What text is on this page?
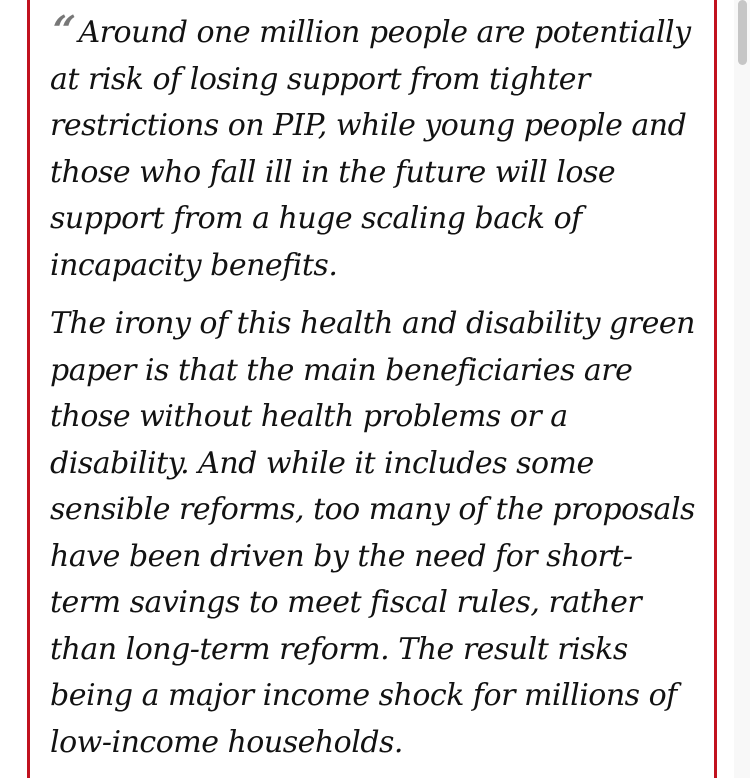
“Around one million people are potentially at risk of losing support from tighter restrictions on PIP, while young people and those who fall ill in the future will lose support from a huge scaling back of incapacity benefits.

The irony of this health and disability green paper is that the main beneficiaries are those without health problems or a disability. And while it includes some sensible reforms, too many of the proposals have been driven by the need for short-term savings to meet fiscal rules, rather than long-term reform. The result risks being a major income shock for millions of low-income households.
